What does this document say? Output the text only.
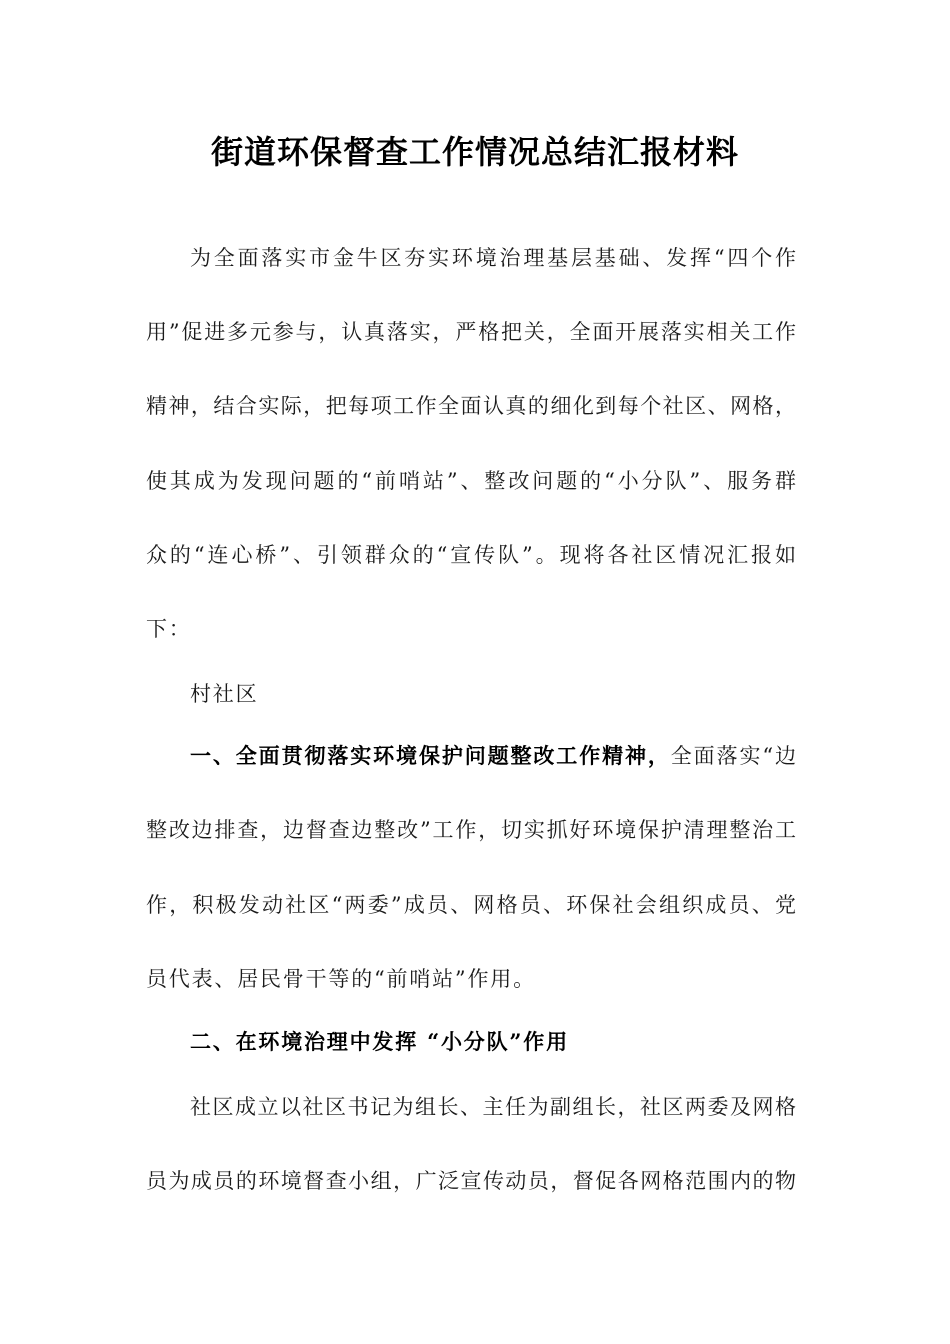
街道环保督查工作情况总结汇报材料

为全面落实市金牛区夯实环境治理基层基础、发挥“四个作

用”促进多元参与，认真落实，严格把关，全面开展落实相关工作

精神，结合实际，把每项工作全面认真的细化到每个社区、网格，

使其成为发现问题的“前哨站”、整改问题的“小分队”、服务群

众的“连心桥”、引领群众的“宣传队”。现将各社区情况汇报如

下：

村社区

一、全面贯彻落实环境保护问题整改工作精神，全面落实“边

整改边排查，边督查边整改”工作，切实抓好环境保护清理整治工

作，积极发动社区“两委”成员、网格员、环保社会组织成员、党

员代表、居民骨干等的“前哨站”作用。

二、在环境治理中发挥 “小分队”作用

社区成立以社区书记为组长、主任为副组长，社区两委及网格

员为成员的环境督查小组，广泛宣传动员，督促各网格范围内的物
